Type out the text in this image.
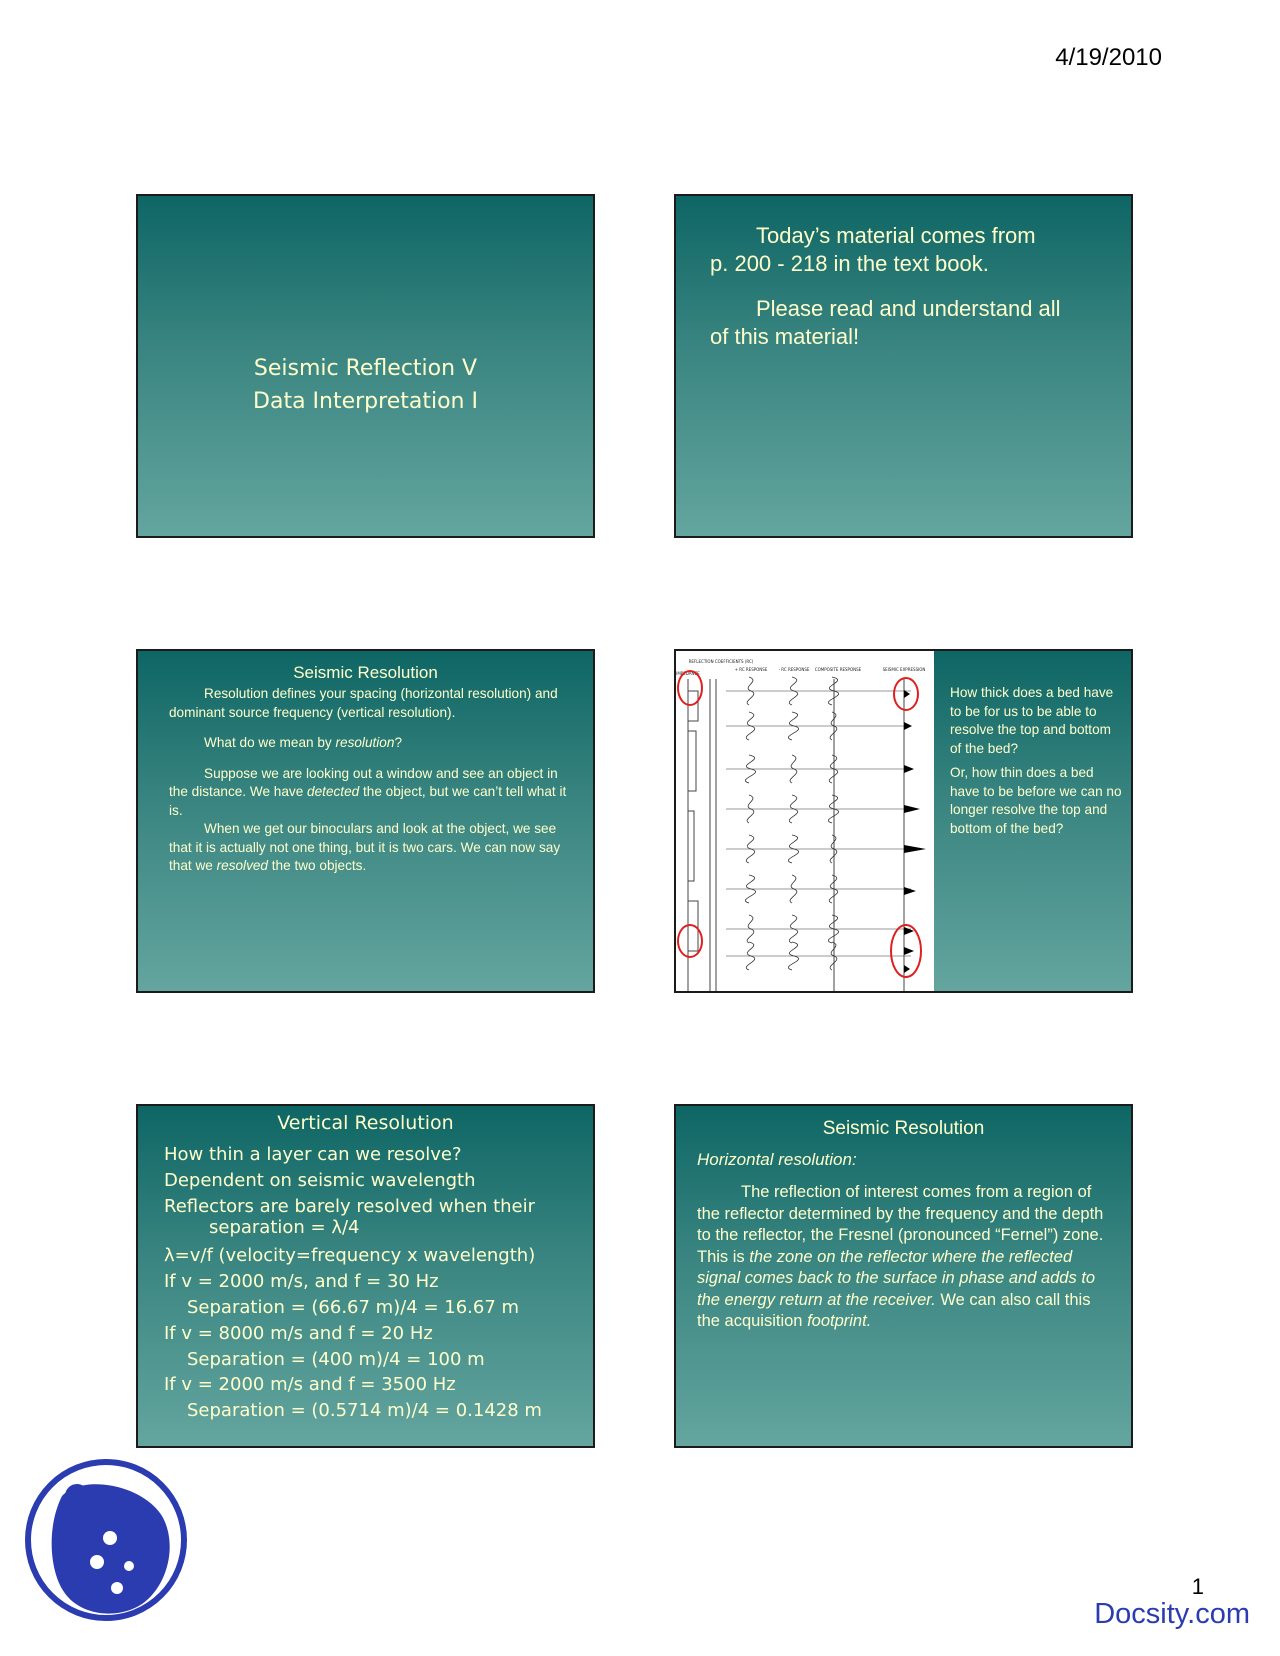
4/19/2010
Seismic Reflection V
Data Interpretation I

Today’s material comes from
p. 200 - 218 in the text book.

Please read and understand all
of this material!

Seismic Resolution

Resolution defines your spacing (horizontal resolution) and dominant source frequency (vertical resolution).

What do we mean by resolution?

Suppose we are looking out a window and see an object in the distance. We have detected the object, but we can’t tell what it is.

When we get our binoculars and look at the object, we see that it is actually not one thing, but it is two cars. We can now say that we resolved the two objects.

IMPEDANCE
REFLECTION COEFFICIENTS (RC)
+ RC RESPONSE	- RC RESPONSE COMPOSITE RESPONSE	SEISMIC EXPRESSION

How thick does a bed have to be for us to be able to resolve the top and bottom of the bed?

Or, how thin does a bed have to be before we can no longer resolve the top and bottom of the bed?

Vertical Resolution
How thin a layer can we resolve?
Dependent on seismic wavelength
Reflectors are barely resolved when their
separation = λ/4
λ=v/f (velocity=frequency x wavelength)
If v = 2000 m/s, and f = 30 Hz
Separation = (66.67 m)/4 = 16.67 m
If v = 8000 m/s and f = 20 Hz
Separation = (400 m)/4 = 100 m
If v = 2000 m/s and f = 3500 Hz
Separation = (0.5714 m)/4 = 0.1428 m
Seismic Resolution
Horizontal resolution:
The reflection of interest comes from a region of the reflector determined by the frequency and the depth to the reflector, the Fresnel (pronounced “Fernel”) zone. This is the zone on the reflector where the reflected signal comes back to the surface in phase and adds to the energy return at the receiver. We can also call this the acquisition footprint.
1
Docsity.com
